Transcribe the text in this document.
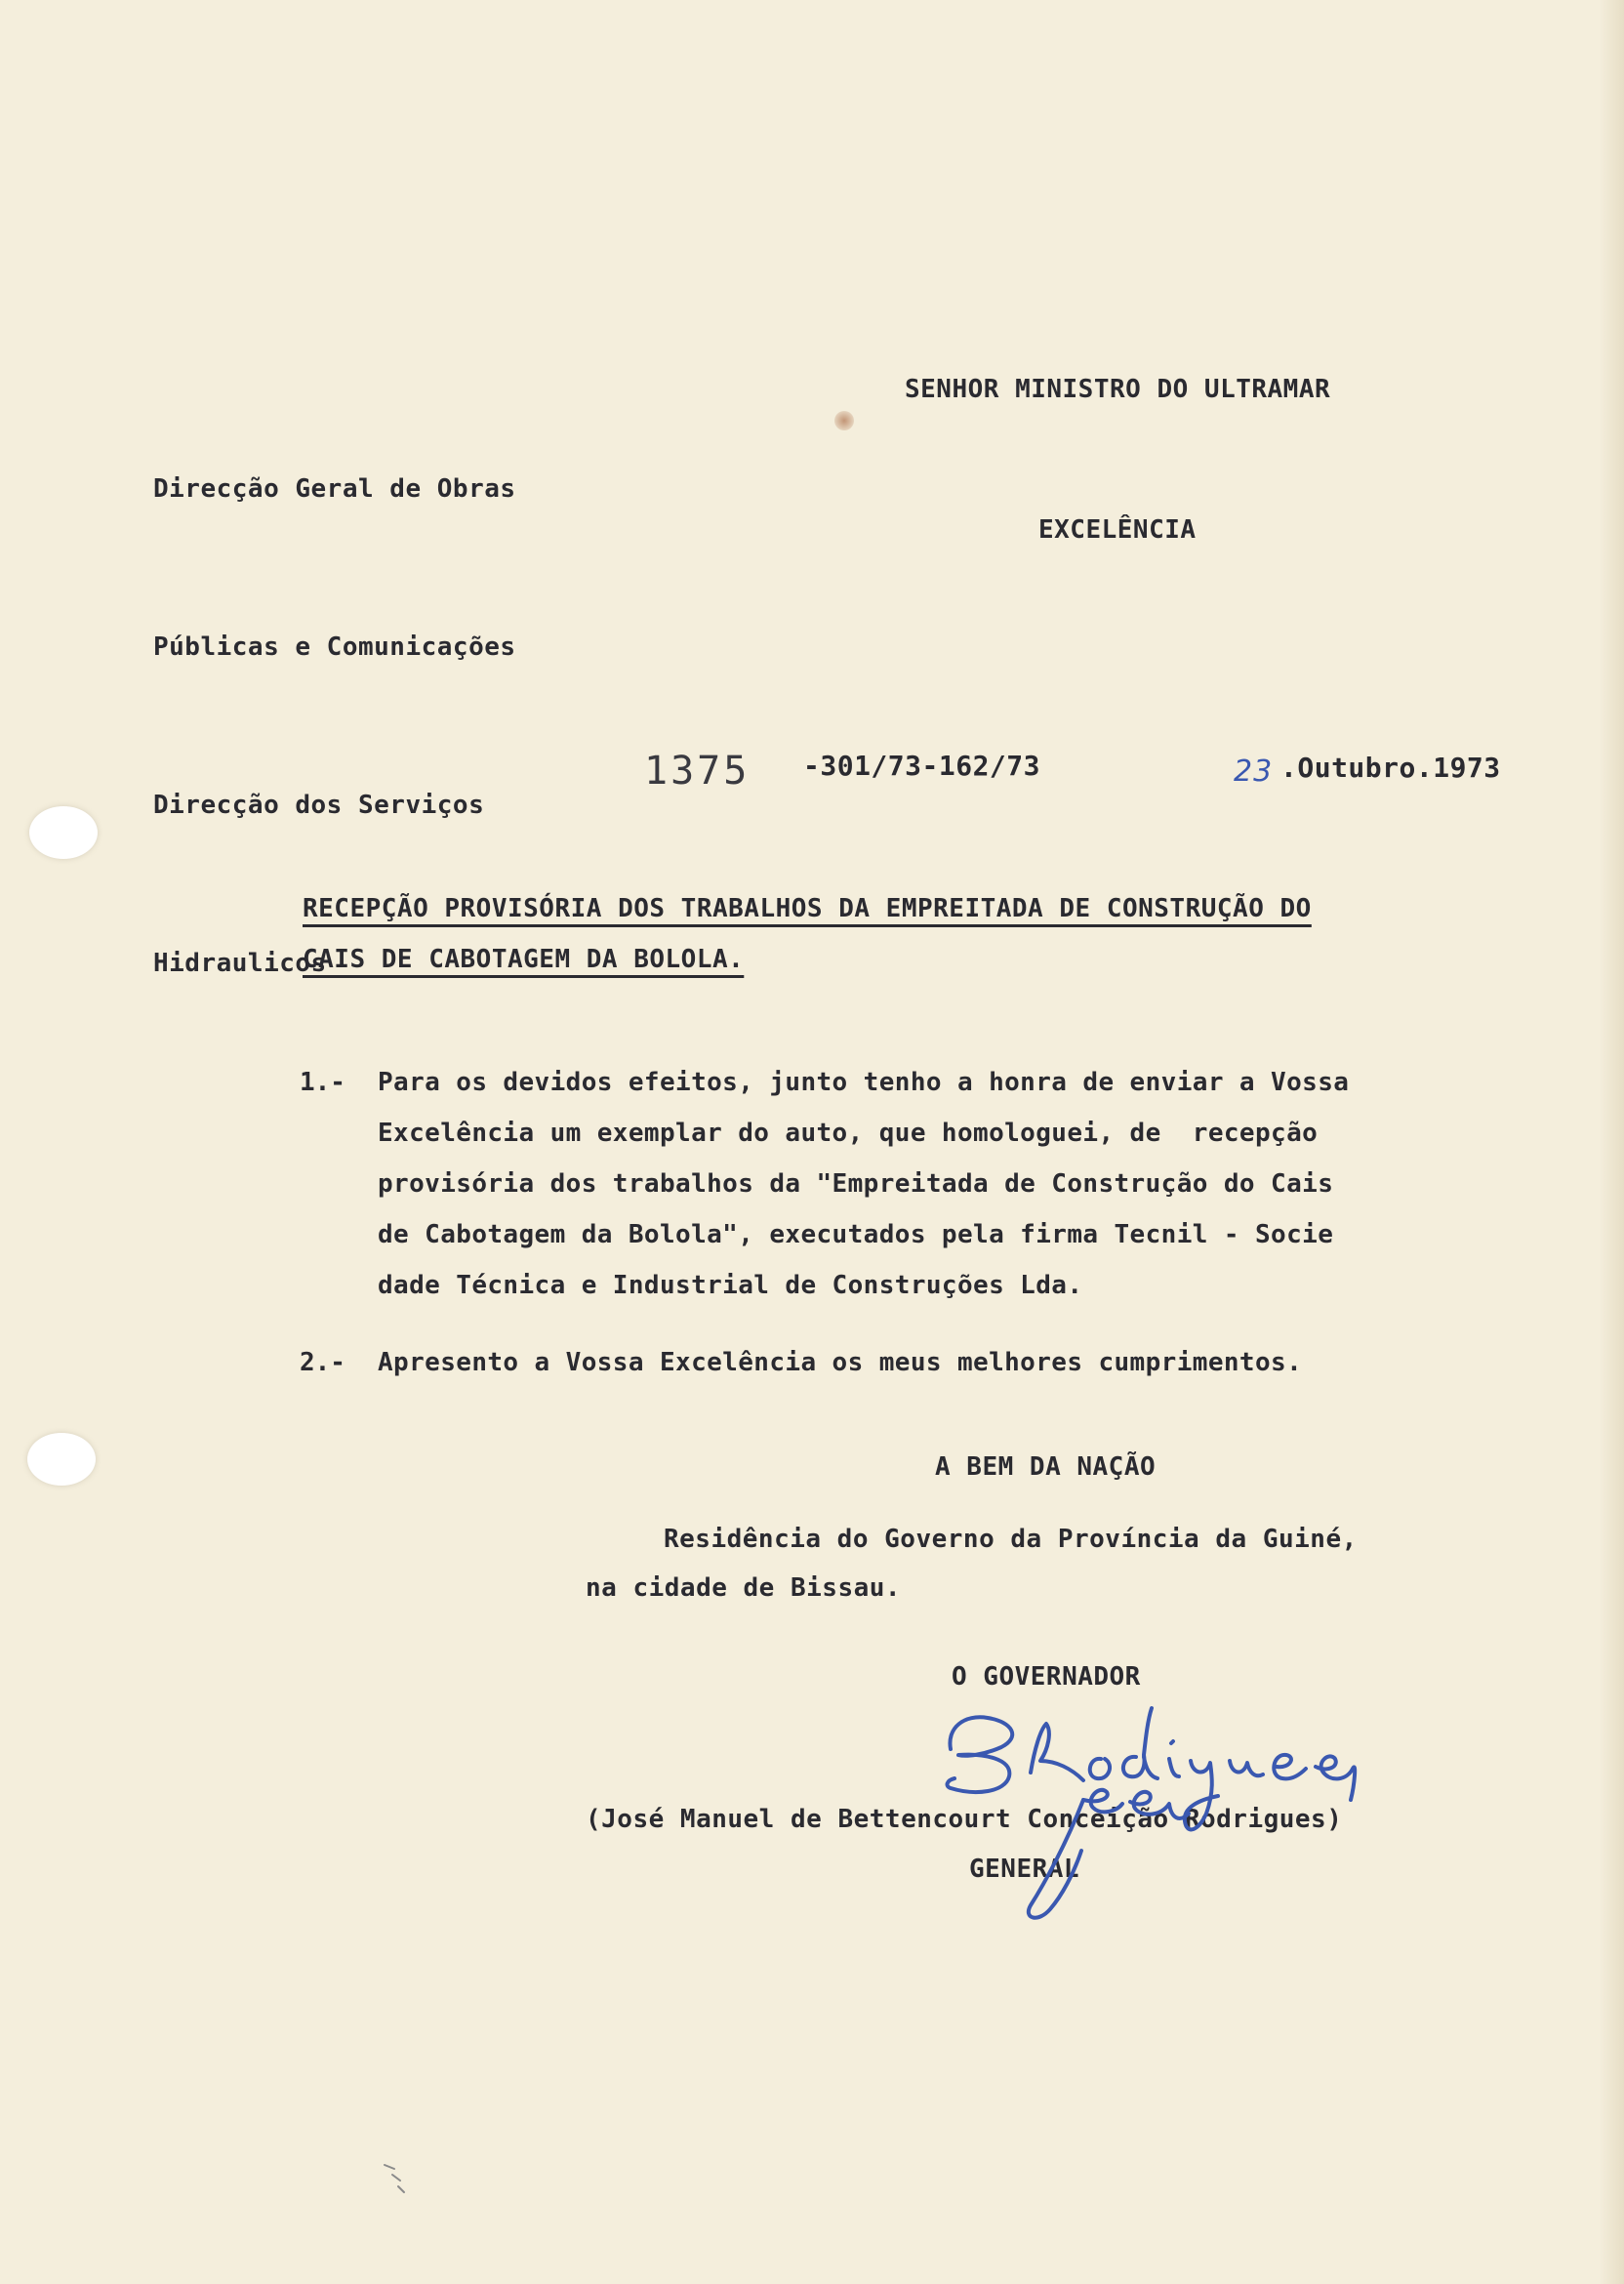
Direcção Geral de Obras

Públicas e Comunicações

Direcção dos Serviços

Hidraulicos

SENHOR MINISTRO DO ULTRAMAR
EXCELÊNCIA
1375 -301/73-162/73	23 .Outubro.1973
RECEPÇÃO PROVISÓRIA DOS TRABALHOS DA EMPREITADA DE CONSTRUÇÃO DO
CAIS DE CABOTAGEM DA BOLOLA.
1.- Para os devidos efeitos, junto tenho a honra de enviar a Vossa
Excelência um exemplar do auto, que homologuei, de  recepção
provisória dos trabalhos da "Empreitada de Construção do Cais
de Cabotagem da Bolola", executados pela firma Tecnil - Socie
dade Técnica e Industrial de Construções Lda.
2.- Apresento a Vossa Excelência os meus melhores cumprimentos.
A BEM DA NAÇÃO
Residência do Governo da Província da Guiné,
na cidade de Bissau.
O GOVERNADOR
(José Manuel de Bettencourt Conceição Rodrigues)
GENERAL
